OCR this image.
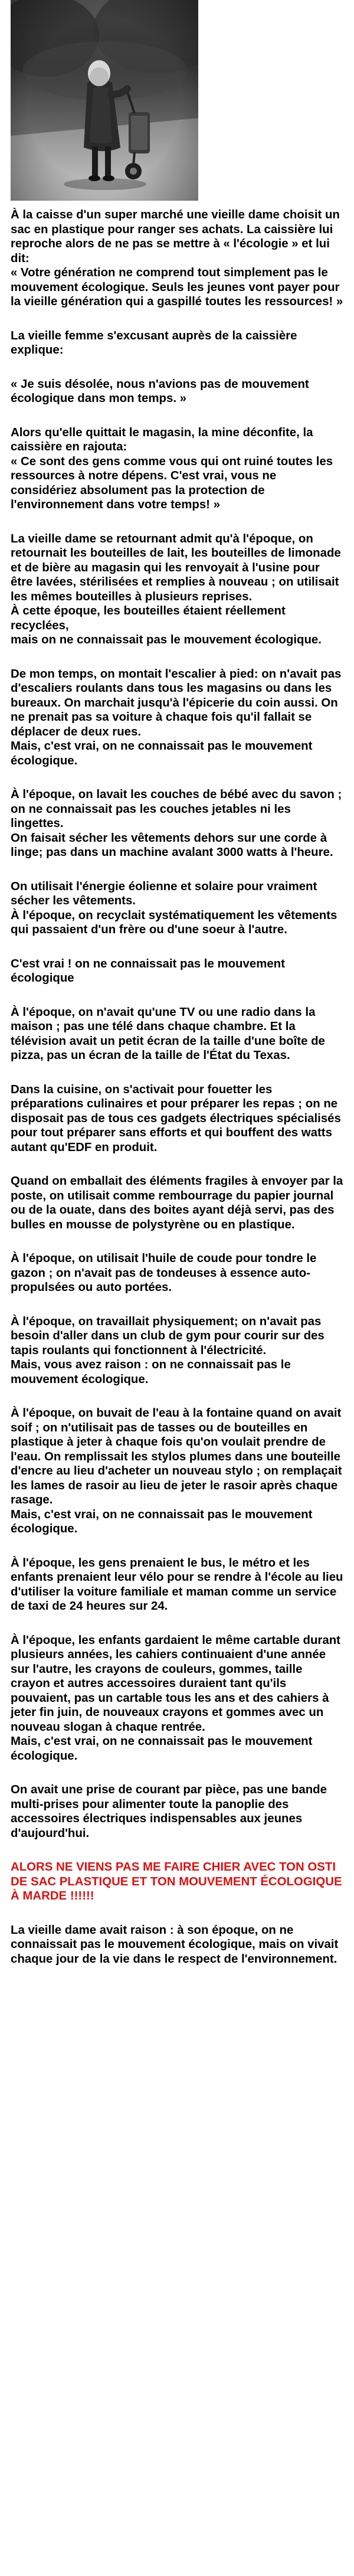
À la caisse d'un super marché une vieille dame choisit un sac en plastique pour ranger ses achats. La caissière lui reproche alors de ne pas se mettre à « l'écologie » et lui dit:
« Votre génération ne comprend tout simplement pas le mouvement écologique. Seuls les jeunes vont payer pour la vieille génération qui a gaspillé toutes les ressources! »

La vieille femme s'excusant auprès de la caissière explique:

« Je suis désolée, nous n'avions pas de mouvement écologique dans mon temps. »

Alors qu'elle quittait le magasin, la mine déconfite, la caissière en rajouta:
« Ce sont des gens comme vous qui ont ruiné toutes les ressources à notre dépens. C'est vrai, vous ne considériez absolument pas la protection de l'environnement dans votre temps! »

La vieille dame se retournant admit qu'à l'époque, on retournait les bouteilles de lait, les bouteilles de limonade et de bière au magasin qui les renvoyait à l'usine pour être lavées, stérilisées et remplies à nouveau ; on utilisait les mêmes bouteilles à plusieurs reprises.
À cette époque, les bouteilles étaient réellement recyclées,
mais on ne connaissait pas le mouvement écologique.

De mon temps, on montait l'escalier à pied: on n'avait pas d'escaliers roulants dans tous les magasins ou dans les bureaux. On marchait jusqu'à l'épicerie du coin aussi. On ne prenait pas sa voiture à chaque fois qu'il fallait se déplacer de deux rues.
Mais, c'est vrai, on ne connaissait pas le mouvement écologique.

À l'époque, on lavait les couches de bébé avec du savon ; on ne connaissait pas les couches jetables ni les lingettes.
On faisait sécher les vêtements dehors sur une corde à linge; pas dans un machine avalant 3000 watts à l'heure.

On utilisait l'énergie éolienne et solaire pour vraiment sécher les vêtements.
À l'époque, on recyclait systématiquement les vêtements qui passaient d'un frère ou d'une soeur à l'autre.

C'est vrai ! on ne connaissait pas le mouvement écologique

À l'époque, on n'avait qu'une TV ou une radio dans la maison ; pas une télé dans chaque chambre. Et la télévision avait un petit écran de la taille d'une boîte de pizza, pas un écran de la taille de l'État du Texas.

Dans la cuisine, on s'activait pour fouetter les préparations culinaires et pour préparer les repas ; on ne disposait pas de tous ces gadgets électriques spécialisés pour tout préparer sans efforts et qui bouffent des watts autant qu'EDF en produit.

Quand on emballait des éléments fragiles à envoyer par la poste, on utilisait comme rembourrage du papier journal ou de la ouate, dans des boites ayant déjà servi, pas des bulles en mousse de polystyrène ou en plastique.

À l'époque, on utilisait l'huile de coude pour tondre le gazon ; on n'avait pas de tondeuses à essence auto-propulsées ou auto portées.

À l'époque, on travaillait physiquement; on n'avait pas besoin d'aller dans un club de gym pour courir sur des tapis roulants qui fonctionnent à l'électricité.
Mais, vous avez raison : on ne connaissait pas le mouvement écologique.

À l'époque, on buvait de l'eau à la fontaine quand on avait soif ; on n'utilisait pas de tasses ou de bouteilles en plastique à jeter à chaque fois qu'on voulait prendre de l'eau. On remplissait les stylos plumes dans une bouteille d'encre au lieu d'acheter un nouveau stylo ; on remplaçait les lames de rasoir au lieu de jeter le rasoir après chaque rasage.
Mais, c'est vrai, on ne connaissait pas le mouvement écologique.

À l'époque, les gens prenaient le bus, le métro et les enfants prenaient leur vélo pour se rendre à l'école au lieu d'utiliser la voiture familiale et maman comme un service de taxi de 24 heures sur 24.

À l'époque, les enfants gardaient le même cartable durant plusieurs années, les cahiers continuaient d'une année sur l'autre, les crayons de couleurs, gommes, taille crayon et autres accessoires duraient tant qu'ils pouvaient, pas un cartable tous les ans et des cahiers à jeter fin juin, de nouveaux crayons et gommes avec un nouveau slogan à chaque rentrée.
Mais, c'est vrai, on ne connaissait pas le mouvement écologique.

On avait une prise de courant par pièce, pas une bande multi-prises pour alimenter toute la panoplie des accessoires électriques indispensables aux jeunes d'aujourd'hui.

ALORS NE VIENS PAS ME FAIRE CHIER AVEC TON OSTI DE SAC PLASTIQUE ET TON MOUVEMENT ÉCOLOGIQUE À MARDE !!!!!!

La vieille dame avait raison : à son époque, on ne connaissait pas le mouvement écologique, mais on vivait chaque jour de la vie dans le respect de l'environnement.
